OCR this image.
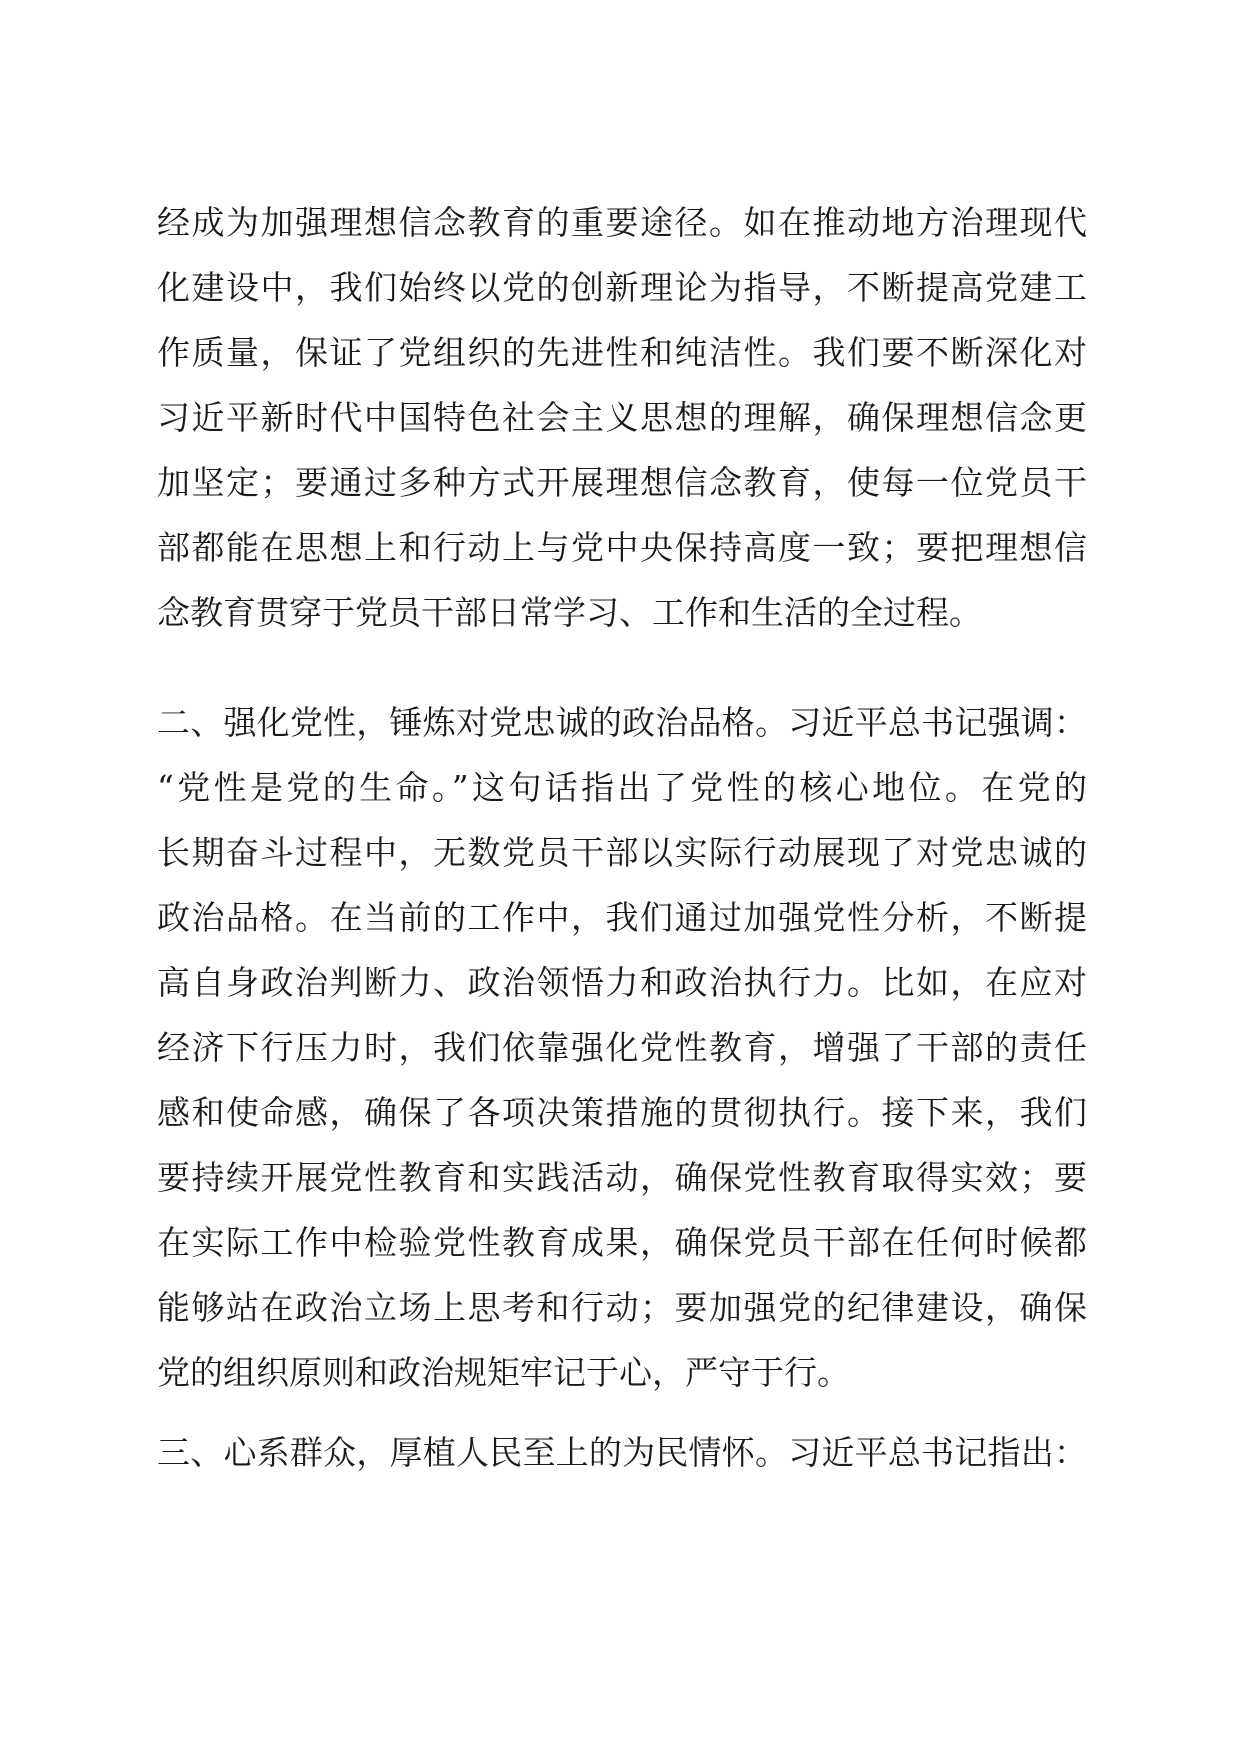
经成为加强理想信念教育的重要途径。如在推动地方治理现代
化建设中，我们始终以党的创新理论为指导，不断提高党建工
作质量，保证了党组织的先进性和纯洁性。我们要不断深化对
习近平新时代中国特色社会主义思想的理解，确保理想信念更
加坚定；要通过多种方式开展理想信念教育，使每一位党员干
部都能在思想上和行动上与党中央保持高度一致；要把理想信
念教育贯穿于党员干部日常学习、工作和生活的全过程。
二、强化党性，锤炼对党忠诚的政治品格。习近平总书记强调：
“党性是党的生命。”这句话指出了党性的核心地位。在党的
长期奋斗过程中，无数党员干部以实际行动展现了对党忠诚的
政治品格。在当前的工作中，我们通过加强党性分析，不断提
高自身政治判断力、政治领悟力和政治执行力。比如，在应对
经济下行压力时，我们依靠强化党性教育，增强了干部的责任
感和使命感，确保了各项决策措施的贯彻执行。接下来，我们
要持续开展党性教育和实践活动，确保党性教育取得实效；要
在实际工作中检验党性教育成果，确保党员干部在任何时候都
能够站在政治立场上思考和行动；要加强党的纪律建设，确保
党的组织原则和政治规矩牢记于心，严守于行。
三、心系群众，厚植人民至上的为民情怀。习近平总书记指出：
